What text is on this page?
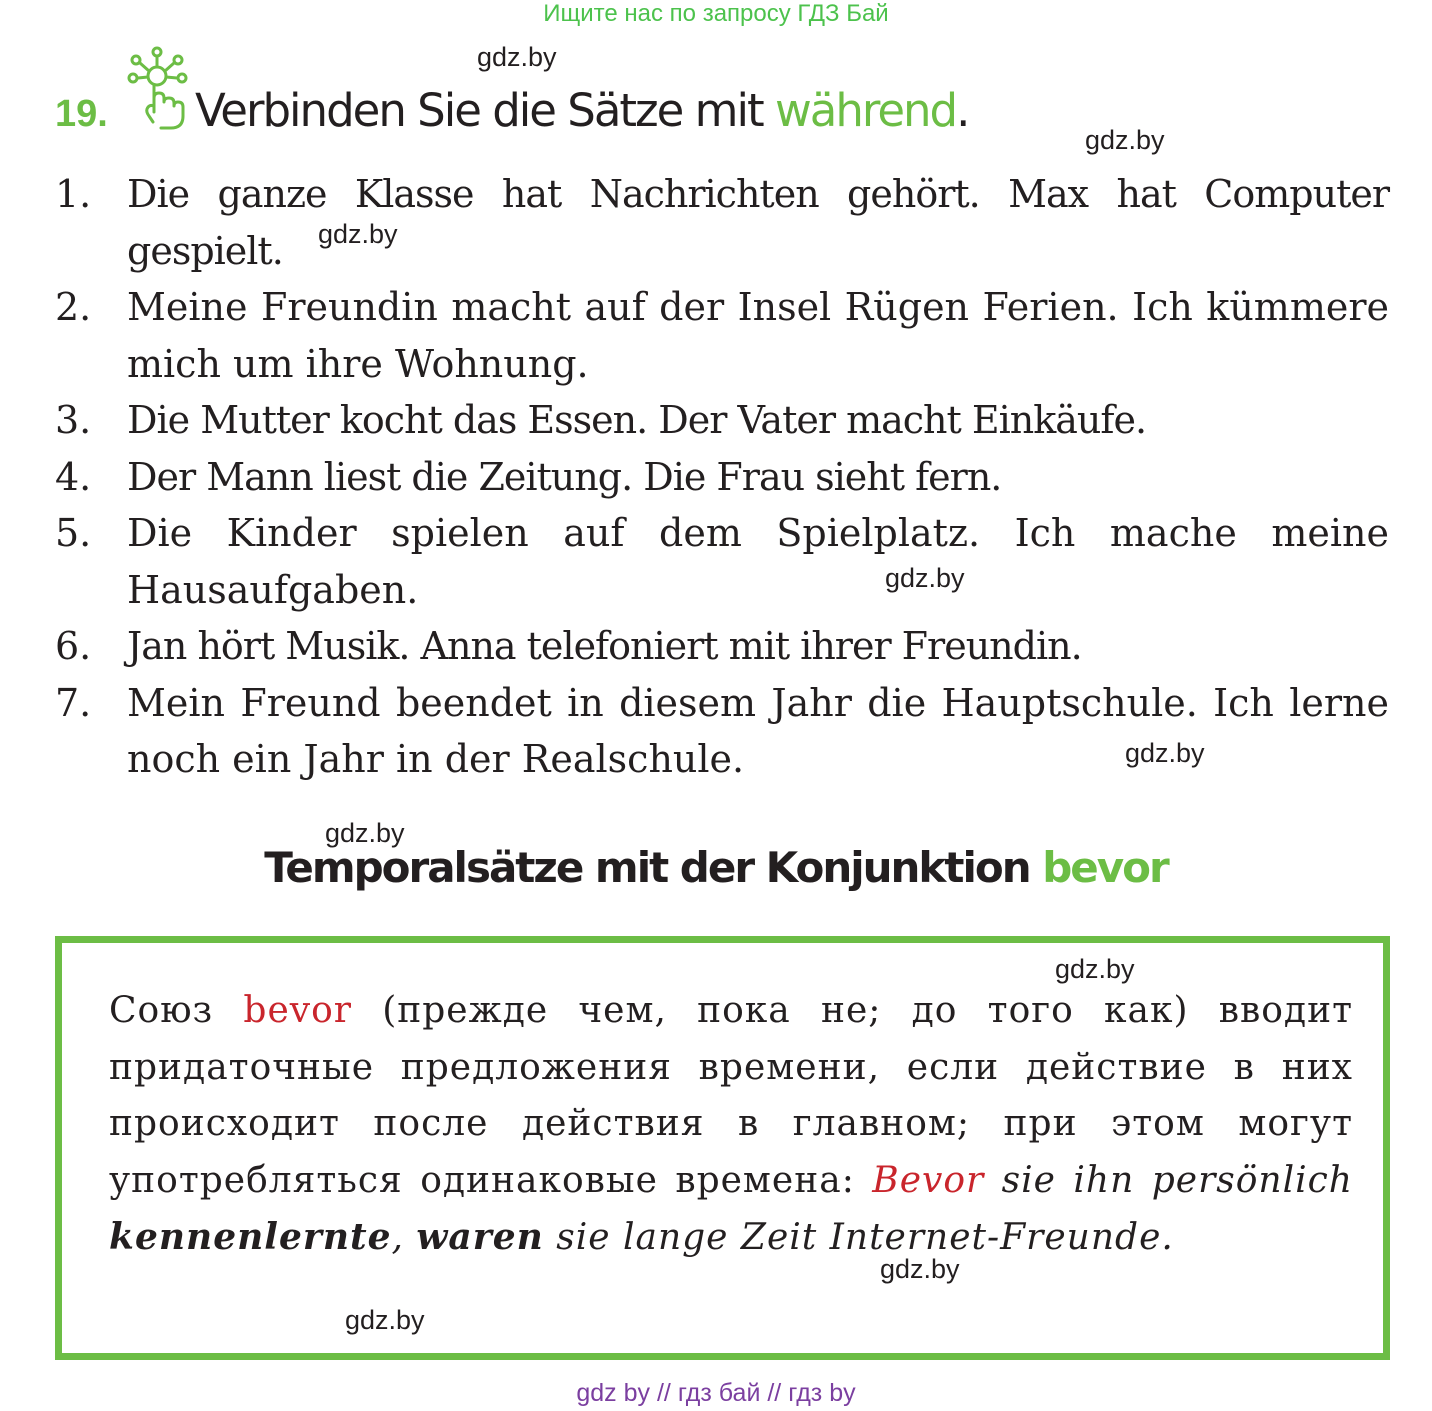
Ищите нас по запросу ГДЗ Бай
gdz.by
gdz.by
gdz.by
gdz.by
gdz.by
gdz.by
gdz.by
gdz.by
gdz.by
19. Verbinden Sie die Sätze mit während.
1. Die ganze Klasse hat Nachrichten gehört. Max hat Computer gespielt.
2. Meine Freundin macht auf der Insel Rügen Ferien. Ich kümmere mich um ihre Wohnung.
3. Die Mutter kocht das Essen. Der Vater macht Einkäufe.
4. Der Mann liest die Zeitung. Die Frau sieht fern.
5. Die Kinder spielen auf dem Spielplatz. Ich mache meine Hausaufgaben.
6. Jan hört Musik. Anna telefoniert mit ihrer Freundin.
7. Mein Freund beendet in diesem Jahr die Hauptschule. Ich lerne noch ein Jahr in der Realschule.
Temporalsätze mit der Konjunktion bevor
Союз bevor (прежде чем, пока не; до того как) вводит придаточные предложения времени, если действие в них происходит после действия в главном; при этом могут употребляться одинаковые времена: Bevor sie ihn persönlich kennenlernte, waren sie lange Zeit Internet-Freunde.
gdz by // гдз бай // гдз by
